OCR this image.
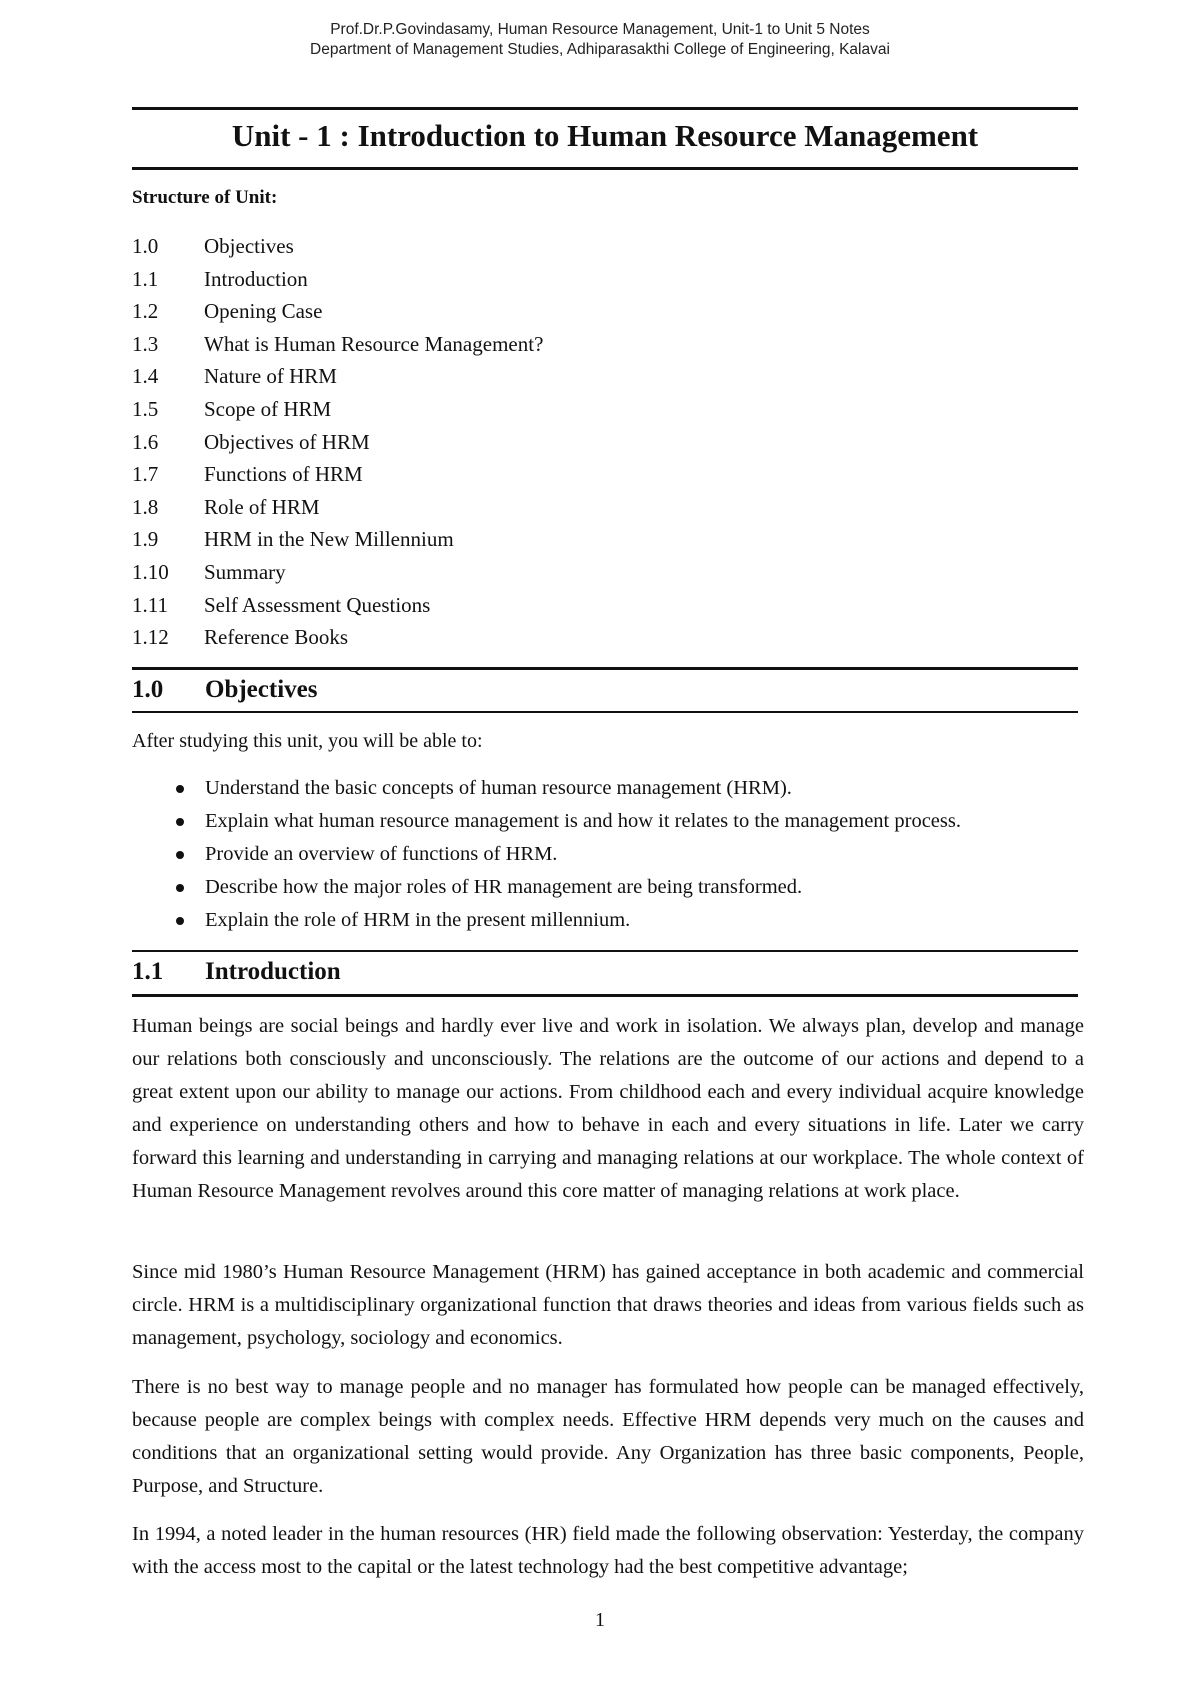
Prof.Dr.P.Govindasamy, Human Resource Management, Unit-1 to Unit 5 Notes
Department of Management Studies, Adhiparasakthi College of Engineering, Kalavai
Unit - 1 : Introduction to Human Resource Management
Structure of Unit:
1.0 Objectives
1.1 Introduction
1.2 Opening Case
1.3 What is Human Resource Management?
1.4 Nature of HRM
1.5 Scope of HRM
1.6 Objectives of HRM
1.7 Functions of HRM
1.8 Role of HRM
1.9 HRM in the New Millennium
1.10 Summary
1.11 Self Assessment Questions
1.12 Reference Books
1.0 Objectives
After studying this unit, you will be able to:
Understand the basic concepts of human resource management (HRM).
Explain what human resource management is and how it relates to the management process.
Provide an overview of functions of HRM.
Describe how the major roles of HR management are being transformed.
Explain the role of HRM in the present millennium.
1.1 Introduction

Human beings are social beings and hardly ever live and work in isolation. We always plan, develop and manage our relations both consciously and unconsciously. The relations are the outcome of our actions and depend to a great extent upon our ability to manage our actions. From childhood each and every individual acquire knowledge and experience on understanding others and how to behave in each and every situations in life. Later we carry forward this learning and understanding in carrying and managing relations at our workplace. The whole context of Human Resource Management revolves around this core matter of managing relations at work place.

Since mid 1980’s Human Resource Management (HRM) has gained acceptance in both academic and commercial circle. HRM is a multidisciplinary organizational function that draws theories and ideas from various fields such as management, psychology, sociology and economics.

There is no best way to manage people and no manager has formulated how people can be managed effectively, because people are complex beings with complex needs. Effective HRM depends very much on the causes and conditions that an organizational setting would provide. Any Organization has three basic components, People, Purpose, and Structure.

In 1994, a noted leader in the human resources (HR) field made the following observation: Yesterday, the company with the access most to the capital or the latest technology had the best competitive advantage;

1
